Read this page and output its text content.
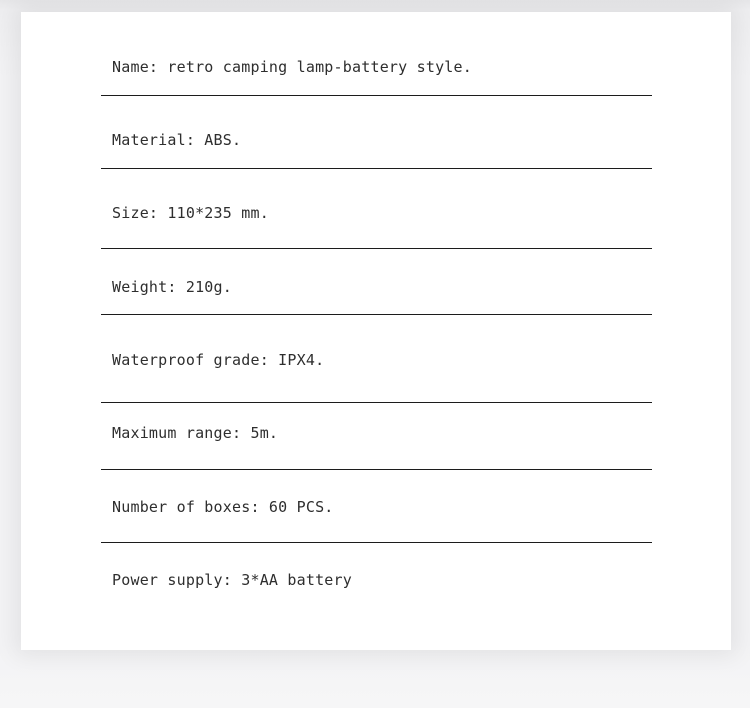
Name: retro camping lamp-battery style.
Material: ABS.
Size: 110*235 mm.
Weight: 210g.
Waterproof grade: IPX4.
Maximum range: 5m.
Number of boxes: 60 PCS.
Power supply: 3*AA battery
